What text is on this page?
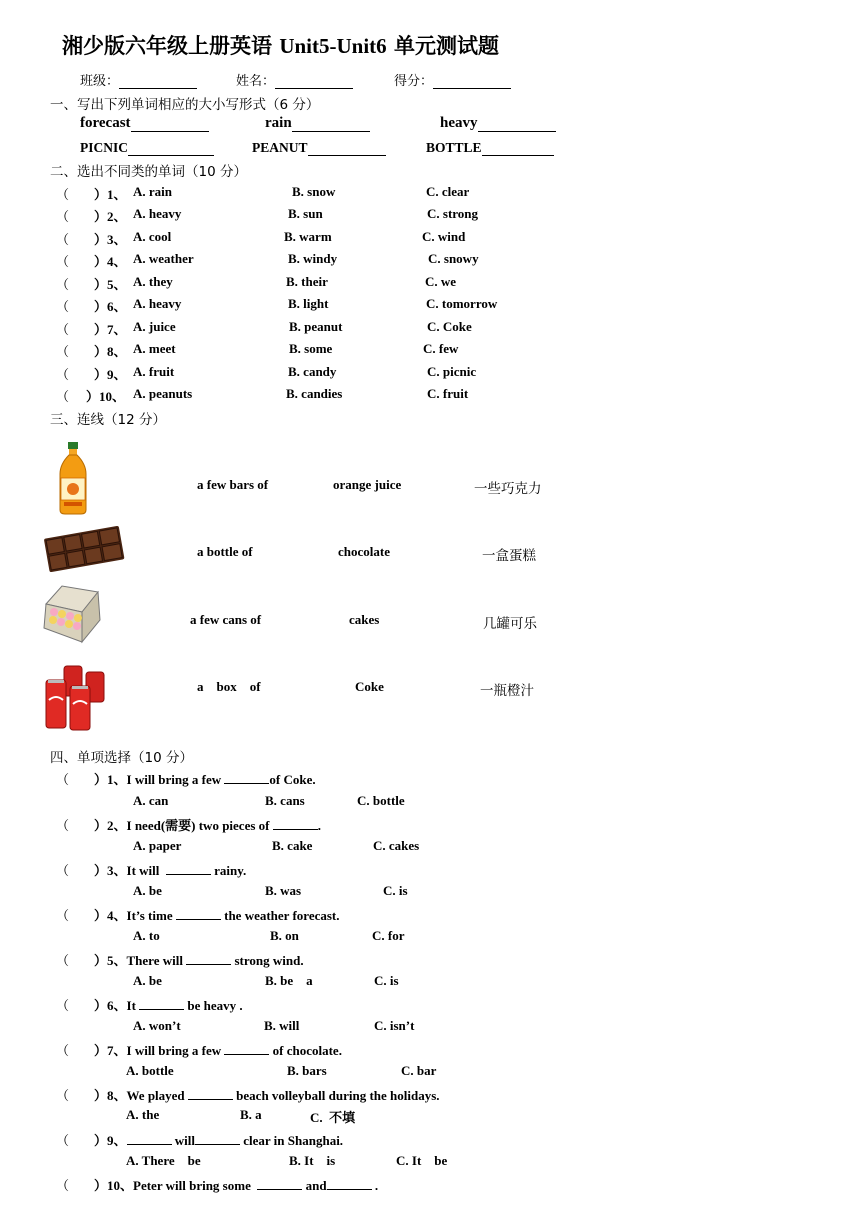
湘少版六年级上册英语 Unit5-Unit6 单元测试题
班级：	姓名：	得分：
一、写出下列单词相应的大小写形式（6 分）
forecast	rain	heavy
PICNIC	PEANUT	BOTTLE
二、选出不同类的单词（10 分）
（ ）1、 A. rain	B. snow	C. clear
（ ）2、 A. heavy	B. sun	C. strong
（ ）3、 A. cool	B. warm	C. wind
（ ）4、 A. weather	B. windy	C. snowy
（ ）5、 A. they	B. their	C. we
（ ）6、 A. heavy	B. light	C. tomorrow
（ ）7、 A. juice	B. peanut	C. Coke
（ ）8、 A. meet	B. some	C. few
（ ）9、 A. fruit	B. candy	C. picnic
（ ）10、 A. peanuts	B. candies	C. fruit
三、连线（12 分）
a few bars of	orange juice	一些巧克力
a bottle of	chocolate	一盒蛋糕
a few cans of	cakes	几罐可乐
a    box    of	Coke	一瓶橙汁
四、单项选择（10 分）
（ ）1、I will bring a few	of Coke.
A. can	B. cans	C. bottle
（ ）2、I need(需要) two pieces of	.
A. paper	B. cake	C. cakes
（ ）3、It will	rainy.
A. be	B. was	C. is
（ ）4、It’s time	the weather forecast.
A. to	B. on	C. for
（ ）5、There will	strong wind.
A. be	B. be    a	C. is
（ ）6、It	be heavy .
A. won’t	B. will	C. isn’t
（ ）7、I will bring a few	of chocolate.
A. bottle	B. bars	C. bar
（ ）8、We played	beach volleyball during the holidays.
A. the	B. a	C.  不填
（ ）9、	will	clear in Shanghai.
A. There    be	B. It    is	C. It    be
（ ）10、Peter will bring some	and	.
